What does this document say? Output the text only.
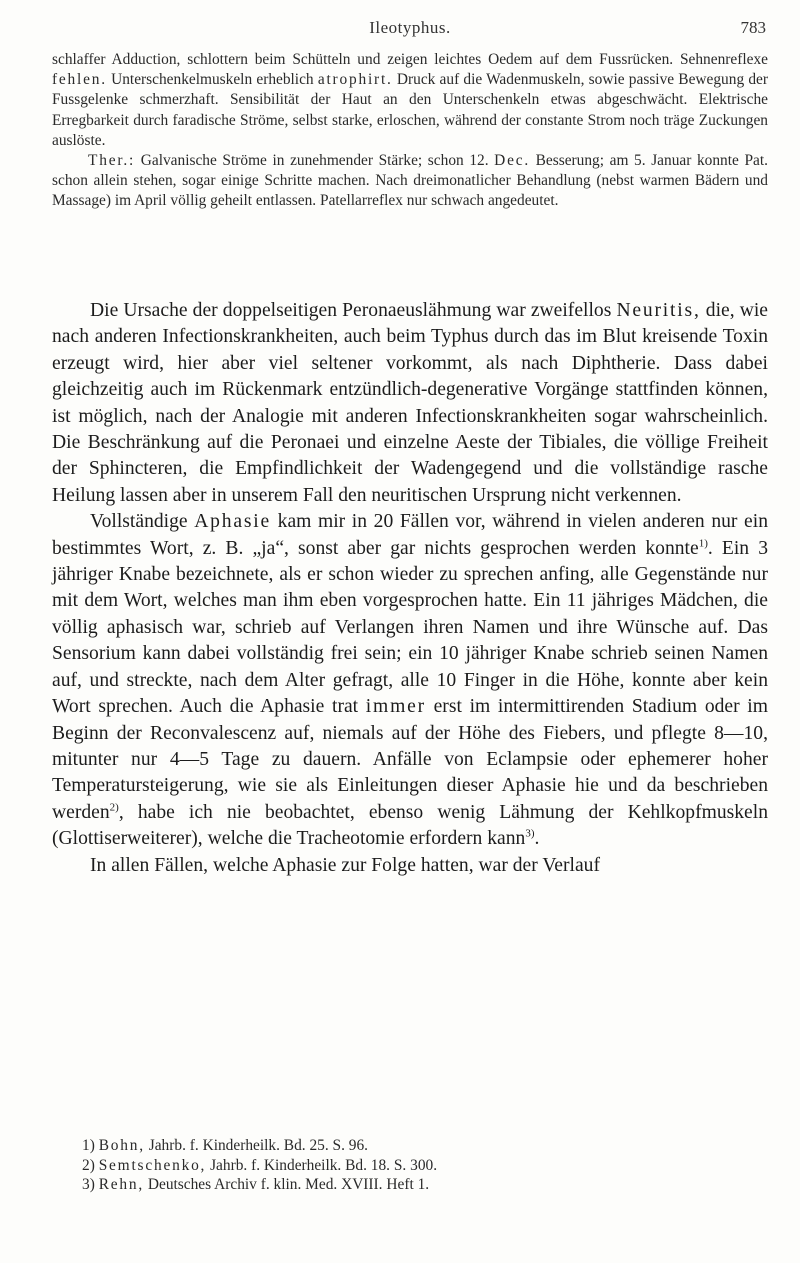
Ileotyphus.	783

schlaffer Adduction, schlottern beim Schütteln und zeigen leichtes Oedem auf dem Fussrücken. Sehnenreflexe fehlen. Unterschenkelmuskeln erheblich atrophirt. Druck auf die Wadenmuskeln, sowie passive Bewegung der Fussgelenke schmerzhaft. Sensibilität der Haut an den Unterschenkeln etwas abgeschwächt. Elektrische Erregbarkeit durch faradische Ströme, selbst starke, erloschen, während der constante Strom noch träge Zuckungen auslöste.

Ther.: Galvanische Ströme in zunehmender Stärke; schon 12. Dec. Besserung; am 5. Januar konnte Pat. schon allein stehen, sogar einige Schritte machen. Nach dreimonatlicher Behandlung (nebst warmen Bädern und Massage) im April völlig geheilt entlassen. Patellarreflex nur schwach angedeutet.

Die Ursache der doppelseitigen Peronaeuslähmung war zweifellos Neuritis, die, wie nach anderen Infectionskrankheiten, auch beim Typhus durch das im Blut kreisende Toxin erzeugt wird, hier aber viel seltener vorkommt, als nach Diphtherie. Dass dabei gleichzeitig auch im Rückenmark entzündlich-degenerative Vorgänge stattfinden können, ist möglich, nach der Analogie mit anderen Infectionskrankheiten sogar wahrscheinlich. Die Beschränkung auf die Peronaei und einzelne Aeste der Tibiales, die völlige Freiheit der Sphincteren, die Empfindlichkeit der Wadengegend und die vollständige rasche Heilung lassen aber in unserem Fall den neuritischen Ursprung nicht verkennen.

Vollständige Aphasie kam mir in 20 Fällen vor, während in vielen anderen nur ein bestimmtes Wort, z. B. „ja“, sonst aber gar nichts gesprochen werden konnte$^{1)}$. Ein 3 jähriger Knabe bezeichnete, als er schon wieder zu sprechen anfing, alle Gegenstände nur mit dem Wort, welches man ihm eben vorgesprochen hatte. Ein 11 jähriges Mädchen, die völlig aphasisch war, schrieb auf Verlangen ihren Namen und ihre Wünsche auf. Das Sensorium kann dabei vollständig frei sein; ein 10 jähriger Knabe schrieb seinen Namen auf, und streckte, nach dem Alter gefragt, alle 10 Finger in die Höhe, konnte aber kein Wort sprechen. Auch die Aphasie trat immer erst im intermittirenden Stadium oder im Beginn der Reconvalescenz auf, niemals auf der Höhe des Fiebers, und pflegte 8—10, mitunter nur 4—5 Tage zu dauern. Anfälle von Eclampsie oder ephemerer hoher Temperatursteigerung, wie sie als Einleitungen dieser Aphasie hie und da beschrieben werden$^{2)}$, habe ich nie beobachtet, ebenso wenig Lähmung der Kehlkopfmuskeln (Glottiserweiterer), welche die Tracheotomie erfordern kann$^{3)}$.

In allen Fällen, welche Aphasie zur Folge hatten, war der Verlauf

1) Bohn, Jahrb. f. Kinderheilk. Bd. 25. S. 96.

2) Semtschenko, Jahrb. f. Kinderheilk. Bd. 18. S. 300.

3) Rehn, Deutsches Archiv f. klin. Med. XVIII. Heft 1.
